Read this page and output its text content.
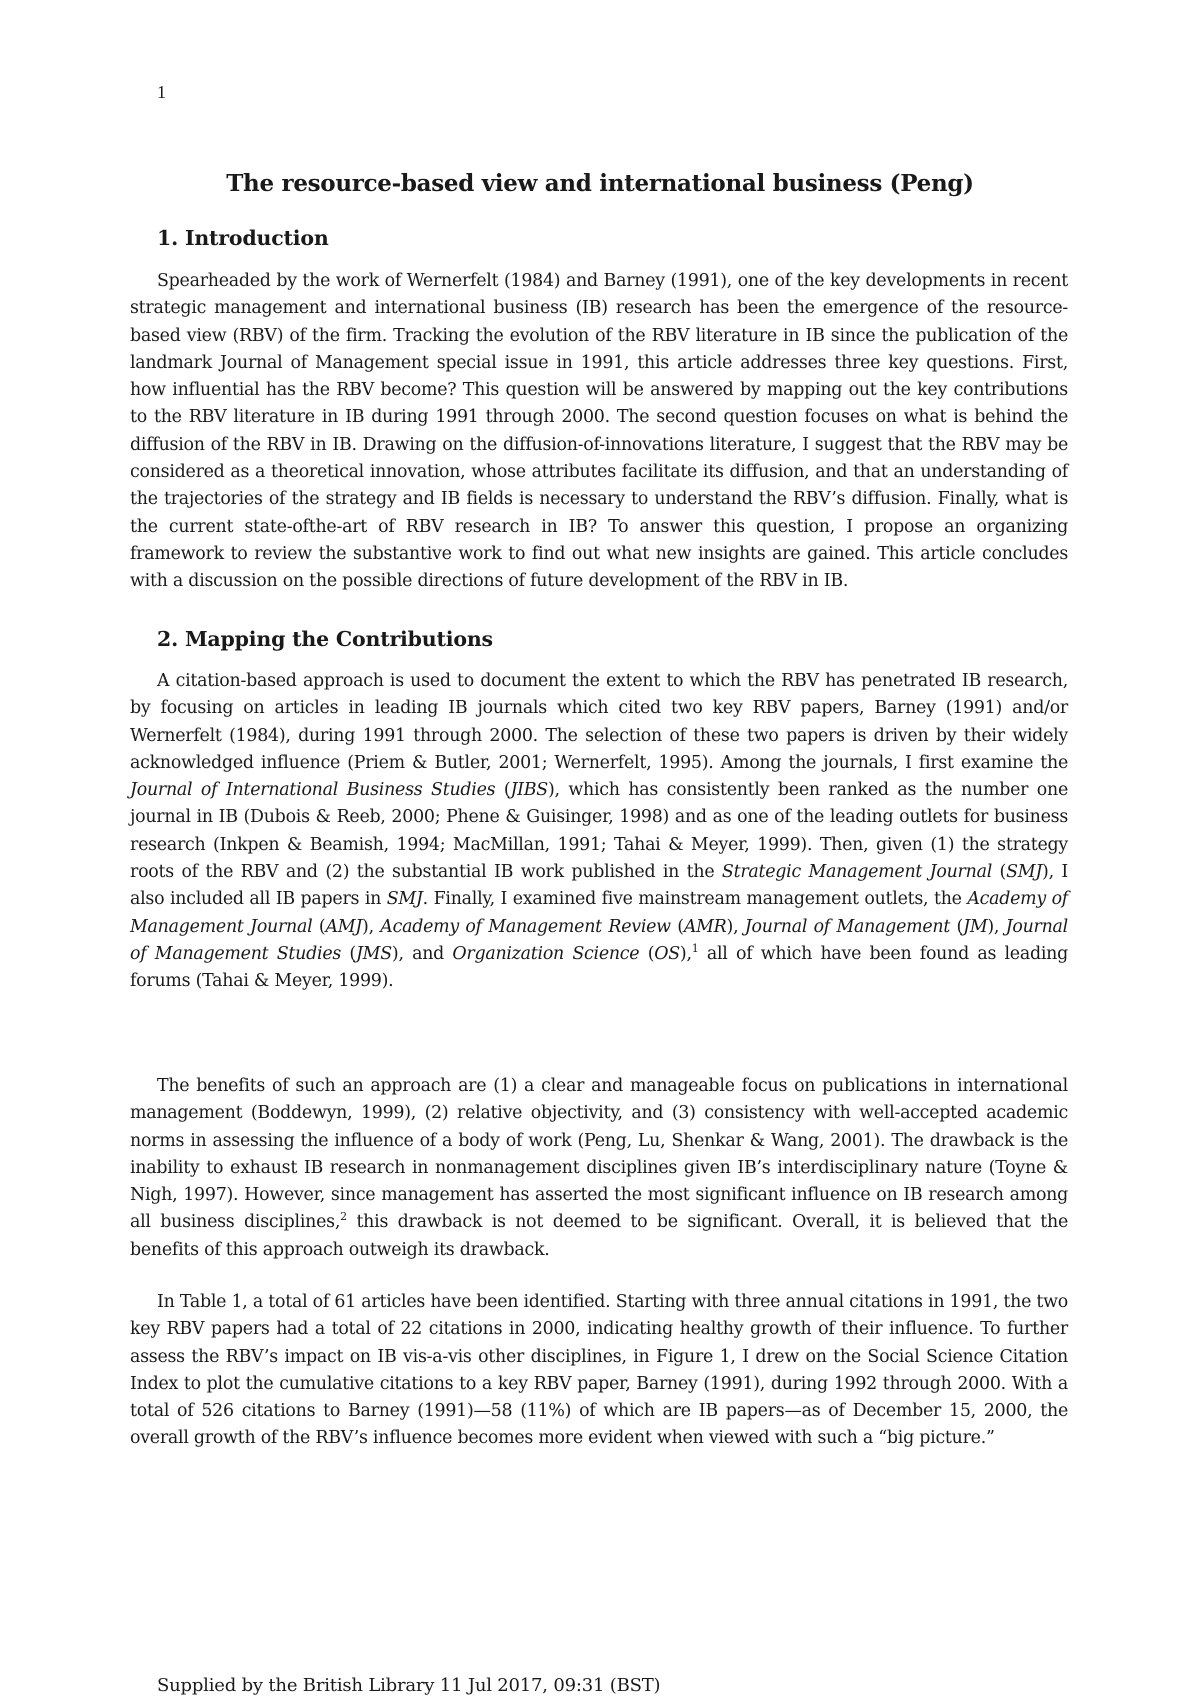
1
The resource-based view and international business (Peng)
1. Introduction

Spearheaded by the work of Wernerfelt (1984) and Barney (1991), one of the key developments in recent strategic management and international business (IB) research has been the emergence of the resource-based view (RBV) of the firm. Tracking the evolution of the RBV literature in IB since the publication of the landmark Journal of Management special issue in 1991, this article addresses three key questions. First, how influential has the RBV become? This question will be answered by mapping out the key contributions to the RBV literature in IB during 1991 through 2000. The second question focuses on what is behind the diffusion of the RBV in IB. Drawing on the diffusion-of-innovations literature, I suggest that the RBV may be considered as a theoretical innovation, whose attributes facilitate its diffusion, and that an understanding of the trajectories of the strategy and IB fields is necessary to understand the RBV’s diffusion. Finally, what is the current state-ofthe-art of RBV research in IB? To answer this question, I propose an organizing framework to review the substantive work to find out what new insights are gained. This article concludes with a discussion on the possible directions of future development of the RBV in IB.

2. Mapping the Contributions

A citation-based approach is used to document the extent to which the RBV has penetrated IB research, by focusing on articles in leading IB journals which cited two key RBV papers, Barney (1991) and/or Wernerfelt (1984), during 1991 through 2000. The selection of these two papers is driven by their widely acknowledged influence (Priem & Butler, 2001; Wernerfelt, 1995). Among the journals, I first examine the Journal of International Business Studies (JIBS), which has consistently been ranked as the number one journal in IB (Dubois & Reeb, 2000; Phene & Guisinger, 1998) and as one of the leading outlets for business research (Inkpen & Beamish, 1994; MacMillan, 1991; Tahai & Meyer, 1999). Then, given (1) the strategy roots of the RBV and (2) the substantial IB work published in the Strategic Management Journal (SMJ), I also included all IB papers in SMJ. Finally, I examined five mainstream management outlets, the Academy of Management Journal (AMJ), Academy of Management Review (AMR), Journal of Management (JM), Journal of Management Studies (JMS), and Organization Science (OS),$^1$ all of which have been found as leading forums (Tahai & Meyer, 1999).

The benefits of such an approach are (1) a clear and manageable focus on publications in international management (Boddewyn, 1999), (2) relative objectivity, and (3) consistency with well-accepted academic norms in assessing the influence of a body of work (Peng, Lu, Shenkar & Wang, 2001). The drawback is the inability to exhaust IB research in nonmanagement disciplines given IB’s interdisciplinary nature (Toyne & Nigh, 1997). However, since management has asserted the most significant influence on IB research among all business disciplines,$^2$ this drawback is not deemed to be significant. Overall, it is believed that the benefits of this approach outweigh its drawback.

In Table 1, a total of 61 articles have been identified. Starting with three annual citations in 1991, the two key RBV papers had a total of 22 citations in 2000, indicating healthy growth of their influence. To further assess the RBV’s impact on IB vis-a-vis other disciplines, in Figure 1, I drew on the Social Science Citation Index to plot the cumulative citations to a key RBV paper, Barney (1991), during 1992 through 2000. With a total of 526 citations to Barney (1991)—58 (11%) of which are IB papers—as of December 15, 2000, the overall growth of the RBV’s influence becomes more evident when viewed with such a “big picture.”

Supplied by the British Library 11 Jul 2017, 09:31 (BST)
